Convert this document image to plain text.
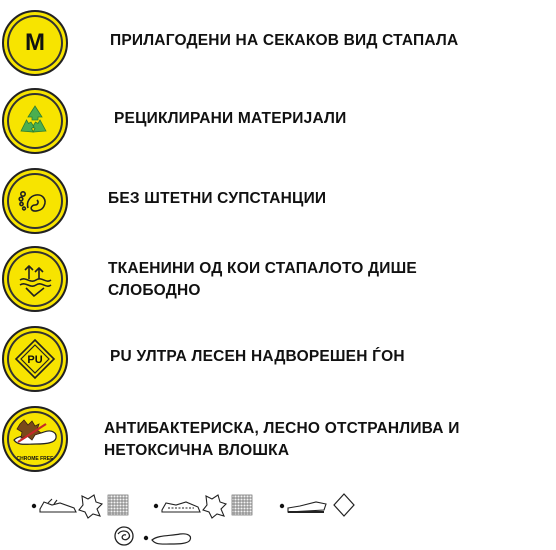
M	ПРИЛАГОДЕНИ НА СЕКАКОВ ВИД СТАПАЛА
РЕЦИКЛИРАНИ МАТЕРИЈАЛИ
БЕЗ ШТЕТНИ СУПСТАНЦИИ
ТКАЕНИНИ ОД КОИ СТАПАЛОТО ДИШЕ
СЛОБОДНО
PU	PU УЛТРА ЛЕСЕН НАДВОРЕШЕН ЃОН
CHROME FREE
АНТИБАКТЕРИСКА, ЛЕСНО ОТСТРАНЛИВА И
НЕТОКСИЧНА ВЛОШКА
